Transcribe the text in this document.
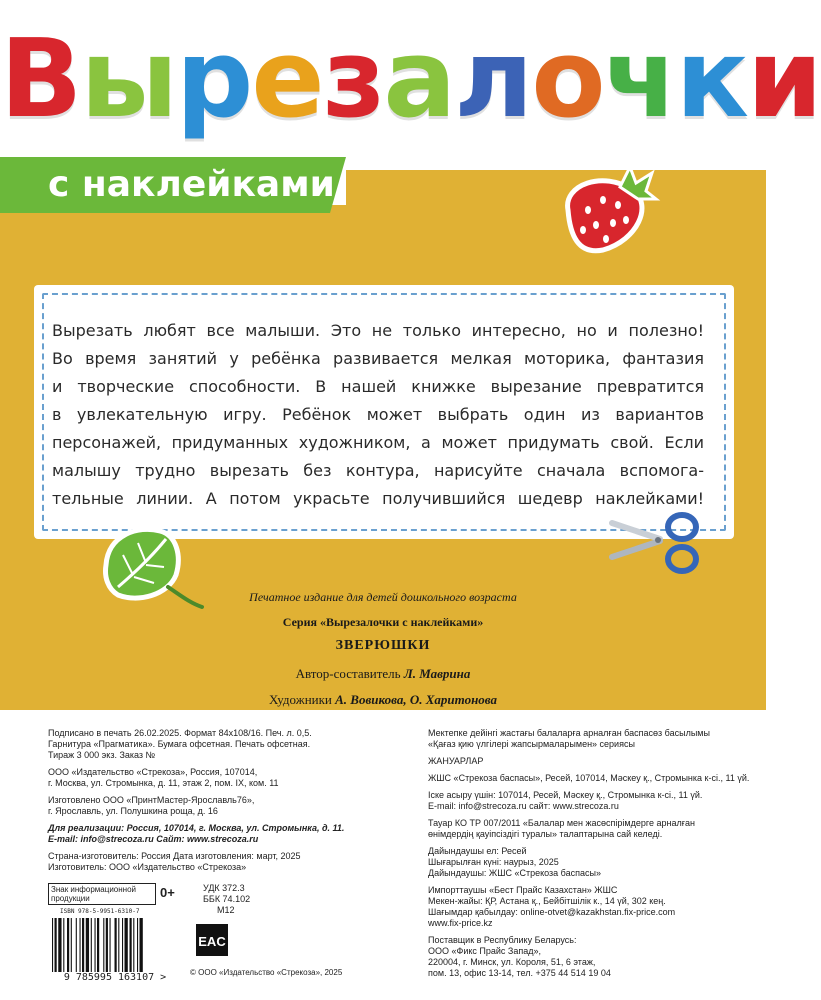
Вырезалочки
с наклейками
Вырезать любят все малыши. Это не только интересно, но и полезно!
Во время занятий у ребёнка развивается мелкая моторика, фантазия
и творческие способности. В нашей книжке вырезание превратится
в увлекательную игру. Ребёнок может выбрать один из вариантов
персонажей, придуманных художником, а может придумать свой. Если
малышу трудно вырезать без контура, нарисуйте сначала вспомога-
тельные линии. А потом украсьте получившийся шедевр наклейками!
Печатное издание для детей дошкольного возраста
Серия «Вырезалочки с наклейками»
ЗВЕРЮШКИ
Автор-составитель Л. Маврина
Художники А. Вовикова, О. Харитонова
Подписано в печать 26.02.2025. Формат 84x108/16. Печ. л. 0,5.
Гарнитура «Прагматика». Бумага офсетная. Печать офсетная.
Тираж 3 000 экз. Заказ №
ООО «Издательство «Стрекоза», Россия, 107014,
г. Москва, ул. Стромынка, д. 11, этаж 2, пом. IX, ком. 11
Изготовлено ООО «ПринтМастер-Ярославль76»,
г. Ярославль, ул. Полушкина роща, д. 16
Для реализации: Россия, 107014, г. Москва, ул. Стромынка, д. 11.
E-mail: info@strecoza.ru Сайт: www.strecoza.ru
Страна-изготовитель: Россия Дата изготовления: март, 2025
Изготовитель: ООО «Издательство «Стрекоза»
Мектепке дейінгі жастағы балаларға арналған баспасөз басылымы
«Қағаз қию үлгілері жапсырмаларымен» сериясы
ЖАНУАРЛАР
ЖШС «Стрекоза баспасы», Ресей, 107014, Мәскеу қ., Стромынка к-сі., 11 үй.
Іске асыру үшін: 107014, Ресей, Мәскеу қ., Стромынка к-сі., 11 үй.
E-mail: info@strecoza.ru сайт: www.strecoza.ru
Тауар КО ТР 007/2011 «Балалар мен жасөспірімдерге арналған
өнімдердің қауіпсіздігі туралы» талаптарына сай келеді.
Дайындаушы ел: Ресей
Шығарылған күні: наурыз, 2025
Дайындаушы: ЖШС «Стрекоза баспасы»
Импорттаушы «Бест Прайс Казахстан» ЖШС
Мекен-жайы: ҚР, Астана қ., Бейбітшілік к., 14 үй, 302 кең.
Шағымдар қабылдау: online-otvet@kazakhstan.fix-price.com
www.fix-price.kz
Поставщик в Республику Беларусь:
ООО «Фикс Прайс Запад»,
220004, г. Минск, ул. Короля, 51, 6 этаж,
пом. 13, офис 13-14, тел. +375 44 514 19 04
Знак информационной продукции	0+
ISBN 978-5-9951-6310-7
9 785995 163107 >
УДК 372.3
ББК 74.102
М12
EAC
© ООО «Издательство «Стрекоза», 2025
